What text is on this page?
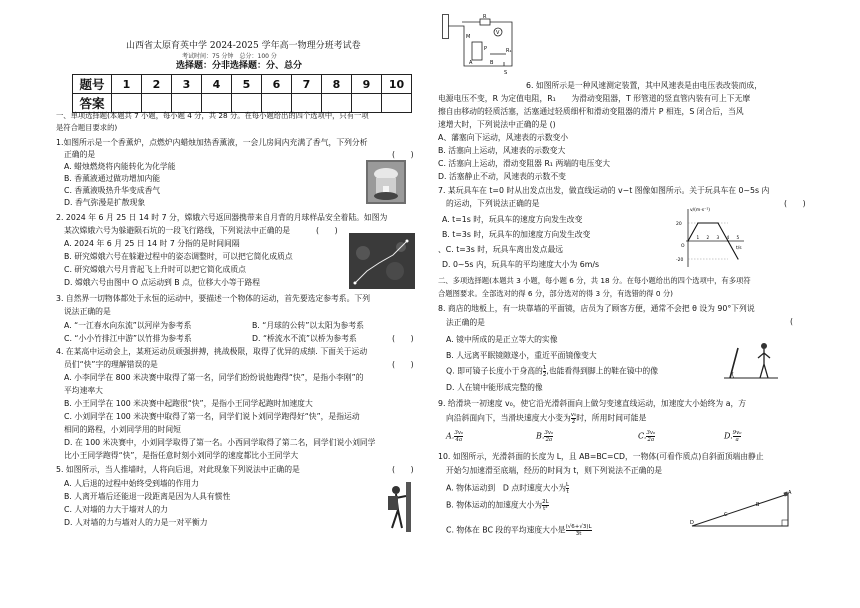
山西省太原育英中学 2024-2025 学年高一物理分班考试卷
考试时间：75 分钟　总分：100 分
选择题：分非选择题：分、总分
题号	1	2	3	4	5	6	7	8	9	10
答案										
一、单项选择题(本题共 7 小题，每小题 4 分，共 28 分。在每小题给出的四个选项中，只有一项
是符合题目要求的)
1.如图所示是一个香薰炉，点燃炉内蜡烛加热香薰液，一会儿房间内充满了香气，下列分析
正确的是	(　　)
A. 蜡烛燃烧将内能转化为化学能
B. 香薰液通过做功增加内能
C. 香薰液吸热升华变成香气
D. 香气弥漫是扩散现象
2. 2024 年 6 月 25 日 14 时 7 分，嫦娥六号返回器携带来自月背的月球样品安全着陆。如图为
某次嫦娥六号为躲避陨石坑的一段飞行路线，下列说法中正确的是	(　　)
A. 2024 年 6 月 25 日 14 时 7 分指的是时间间隔
B. 研究嫦娥六号在躲避过程中的姿态调整时，可以把它简化成质点
C. 研究嫦娥六号月背起飞上升时可以把它简化成质点
D. 嫦娥六号由图中 O 点运动到 B 点，位移大小等于路程
3. 自然界一切物体都处于永恒的运动中，要描述一个物体的运动，首先要选定参考系。下列
说法正确的是
(　　)
A. “一江春水向东流”以河岸为参考系	B. “月球的公转”以太阳为参考系
C. “小小竹排江中游”以竹排为参考系	D. “桥流水不流”以桥为参考系
4. 在某高中运动会上，某班运动员顽强拼搏，挑战极限，取得了优异的成绩. 下面关于运动
员们“快”字的理解错误的是	(　　)
A. 小李同学在 800 米决赛中取得了第一名，同学们纷纷说他跑得“快”，是指小李刚”的
平均速率大
B. 小王同学在 100 米决赛中起跑很“快”，是指小王同学起跑时加速度大
C. 小刘同学在 100 米决赛中取得了第一名，同学们说卜刘同学跑得好“快”，是指运动
相同的路程，小刘同学用的时间短
D. 在 100 米决赛中，小刘同学取得了第一名。小西同学取得了第二名，同学们说小刘同学
比小王同学跑得“快”，是指任意时刻小刘同学的速度都比小王同学大
5. 如图所示，当人推墙时，人将向后退，对此现象下列说法中正确的是	(　　)
A. 人后退的过程中始终受到墙的作用力
B. 人离开墙后还能退一段距离是因为人具有惯性
C. 人对墙的力大于墙对人的力
D. 人对墙的力与墙对人的力是一对平衡力
R
V
M
P
A	B
R₁
S
6. 如图所示是一种风速测定装置，其中风速表是由电压表改装而成，
电源电压不变，R 为定值电阻，R₁　　为滑动变阻器，T 形管道的竖直管内装有可上下无摩
擦自由移动的轻质活塞，活塞通过轻质细杆和滑动变阻器的滑片 P 相连，S 闭合后，当风
速增大时，下列说法中正确的是 ()
A、藩塞向下运动，风速表的示数变小
B. 活塞向上运动，风速表的示数变大
C. 活塞向上运动，滑动变阻器 R₁ 两端的电压变大
D. 活塞静止不动，风速表的示数不变
7. 某玩具车在 t=0 时从出发点出发，做直线运动的 v−t 图像如图所示。关于玩具车在 0~5s 内
的运动，下列说法正确的是	(　　)
A. t=1s 时，玩具车的速度方向发生改变
B. t=3s 时，玩具车的加速度方向发生改变
、C. t=3s 时，玩具车离出发点最远
D. 0~5s 内，玩具车的平均速度大小为 6m/s
v/(m·s⁻¹)
t/s
O
20
-20
1 2 3 4 5
二、多项选择题(本题共 3 小题，每小题 6 分，共 18 分。在每小题给出的四个选项中，有多项符
合题图要求。全部选对的得 6 分，部分选对的得 3 分，有选错的得 0 分)
8. 商店的地板上，有一块靠墙的平面镜，店员为了顾客方便，通常不会把 θ 设为 90°下列说
法正确的是	(
A. 镜中所成的是正立等大的实像
B. 人远离平眠镜隙遂小，重近平面镜像变大
Q. 即可镜子长度小于身高的 $\frac{1}{2}$ ,也能看得到脚上的鞋在镜中的像
D. 人在镜中能形成完整的像
9. 给滑块一初速度 v₀，使它沿光滑斜面向上做匀变速直线运动，加速度大小始终为 a，方
向沿斜面向下，当滑块速度大小变为 $\frac{\text{v₀}}{2}$ 时，所用时间可能是
A. $\frac{\text{3v₀}}{4a}$	B. $\frac{\text{3v₀}}{2a}$	C. $\frac{\text{3v₀}}{2a}$	D. $\frac{\text{9v₀}}{a}$
10. 如图所示，光滑斜面的长度为 L，且 AB=BC=CD，一物体(可看作质点)自斜面顶端由静止
开始匀加速滑至底端，经历的时间为 t，则下列说法不正确的是
A. 物体运动到　D 点时速度大小为 $\frac{L}{t}$
B. 物体运动的加速度大小为 $\frac{2L}{\text{t²}}$
C. 物体在 BC 段的平均速度大小是 $\frac{(√6+√3)L}{3t}$
A
B
C
D
